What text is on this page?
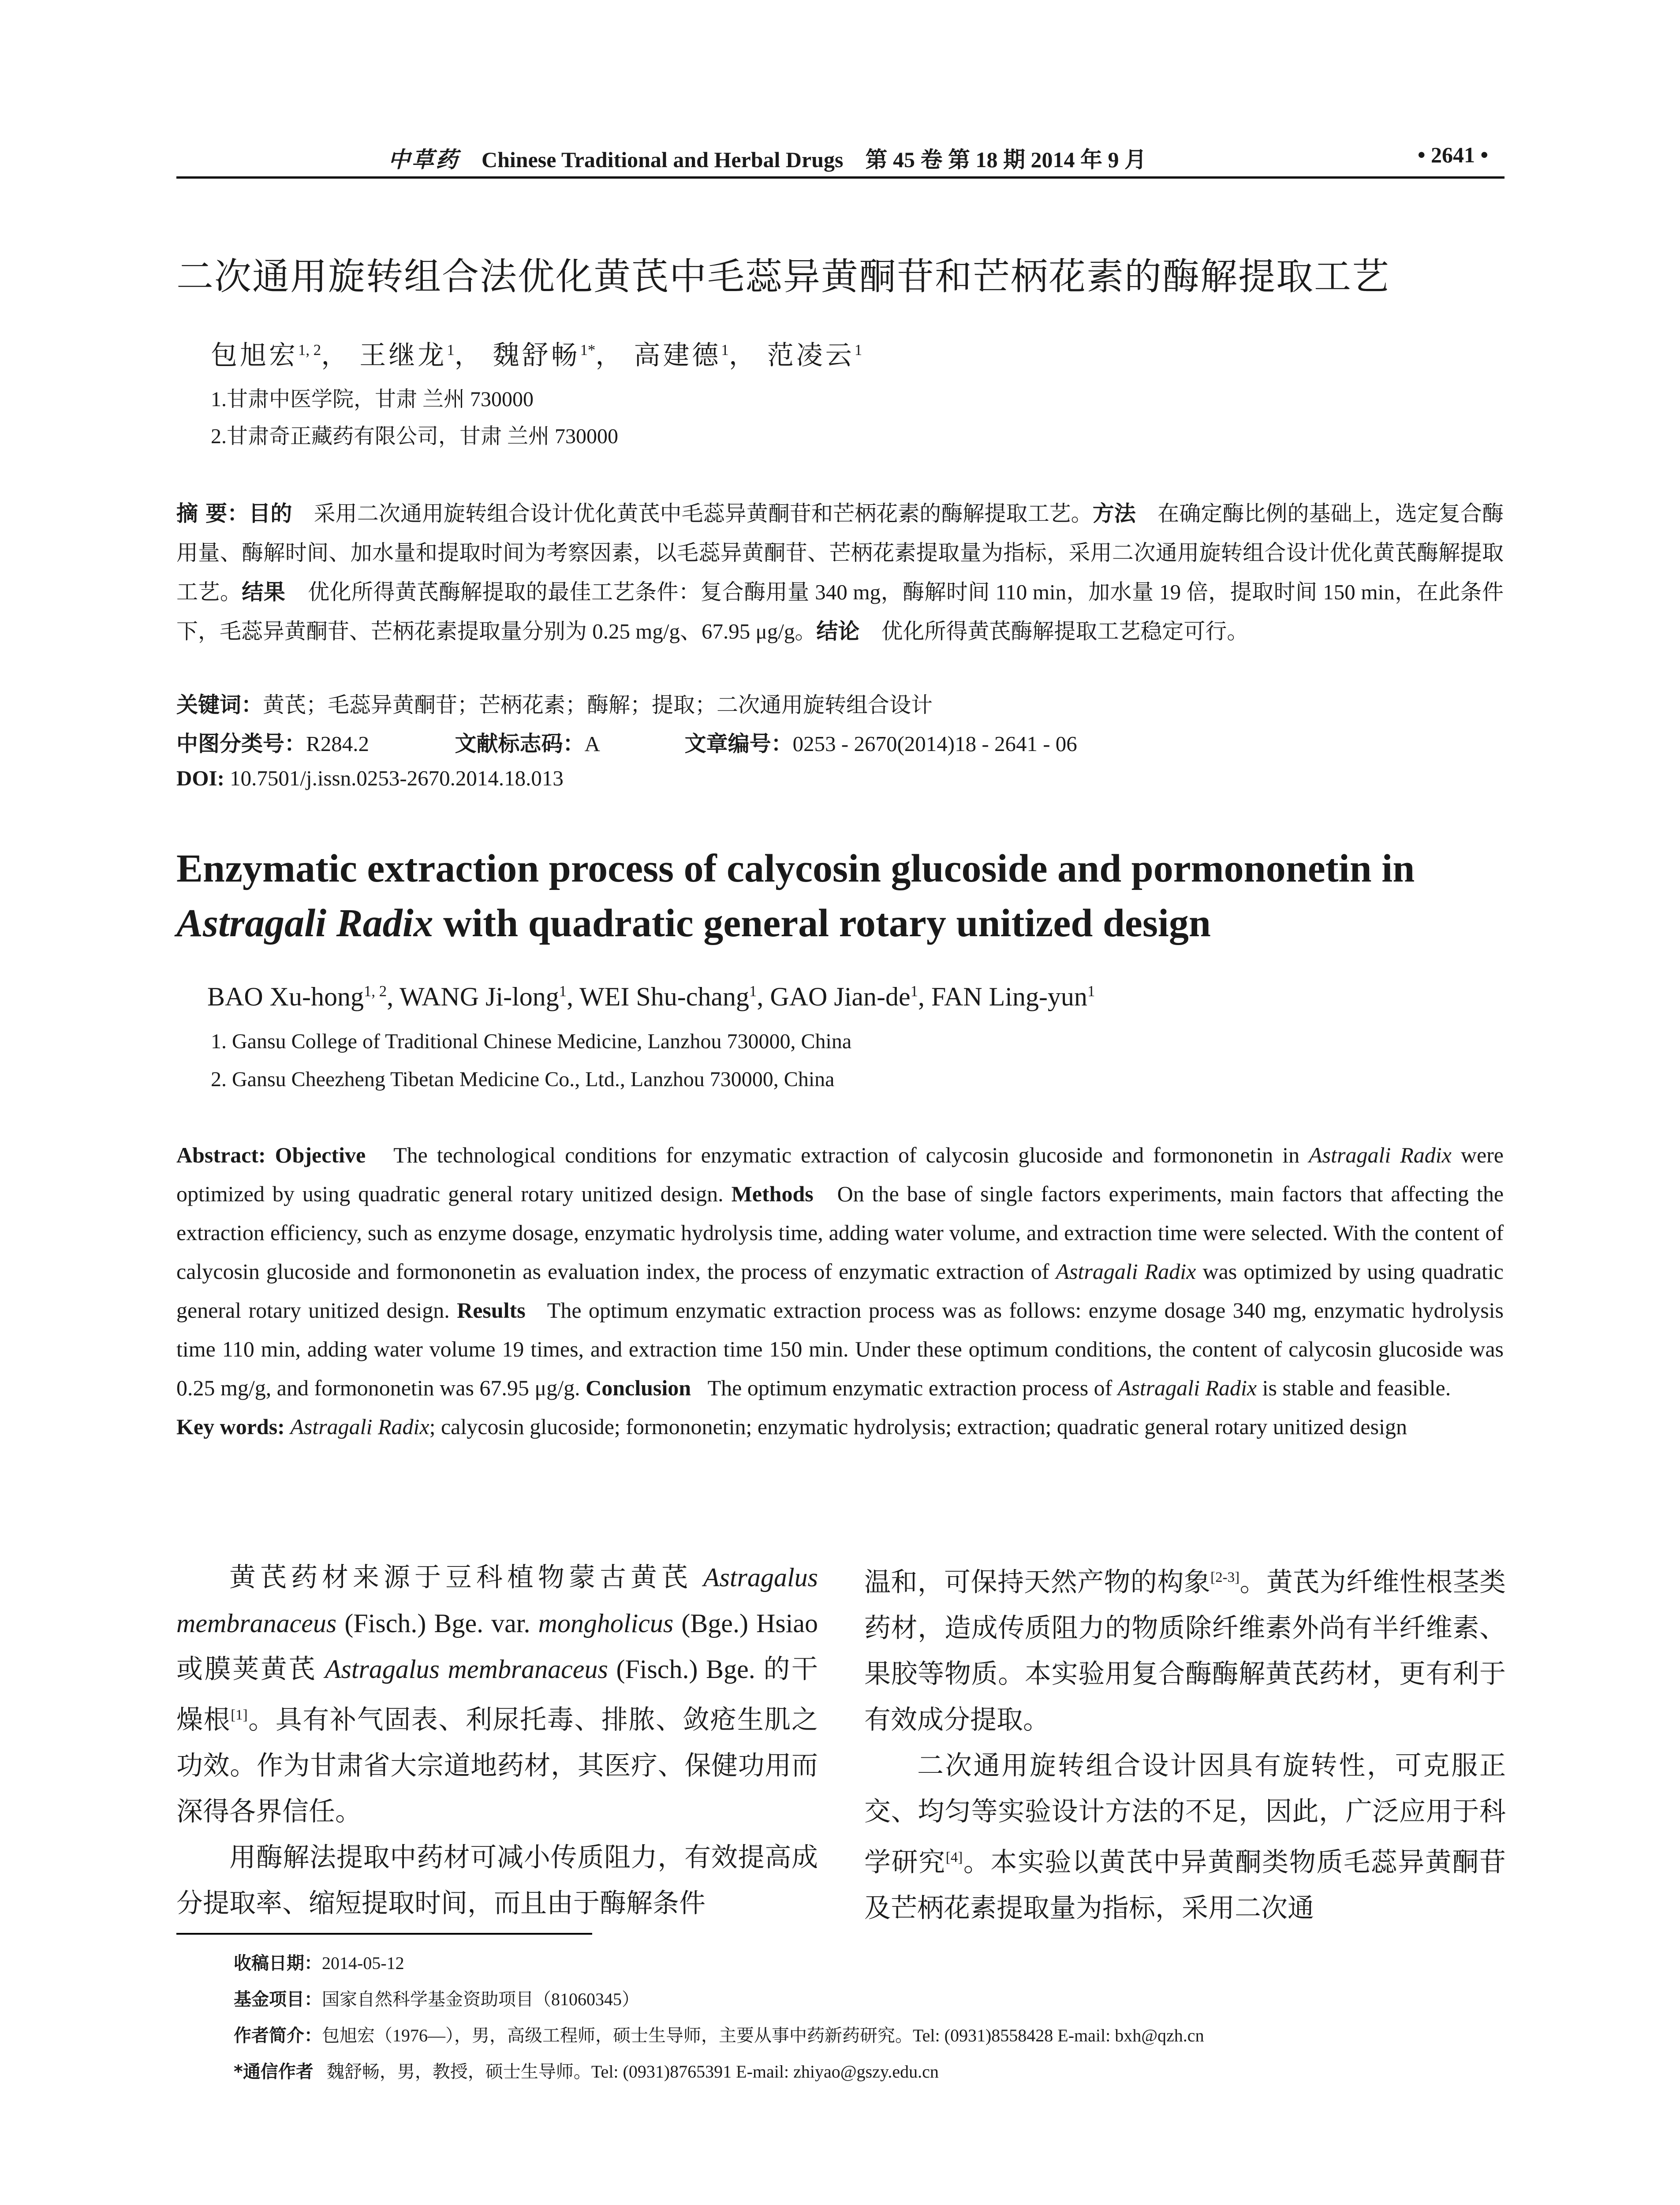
中草药 Chinese Traditional and Herbal Drugs 第 45 卷 第 18 期 2014 年 9 月	• 2641 •
二次通用旋转组合法优化黄芪中毛蕊异黄酮苷和芒柄花素的酶解提取工艺
包旭宏$^{1, 2}$， 王继龙$^1$， 魏舒畅$^{1*}$， 高建德$^1$， 范凌云$^1$
1.甘肃中医学院，甘肃 兰州 730000
2.甘肃奇正藏药有限公司，甘肃 兰州 730000
摘 要：目的 采用二次通用旋转组合设计优化黄芪中毛蕊异黄酮苷和芒柄花素的酶解提取工艺。方法 在确定酶比例的基础上，选定复合酶用量、酶解时间、加水量和提取时间为考察因素，以毛蕊异黄酮苷、芒柄花素提取量为指标，采用二次通用旋转组合设计优化黄芪酶解提取工艺。结果 优化所得黄芪酶解提取的最佳工艺条件：复合酶用量 340 mg，酶解时间 110 min，加水量 19 倍，提取时间 150 min，在此条件下，毛蕊异黄酮苷、芒柄花素提取量分别为 0.25 mg/g、67.95 μg/g。结论 优化所得黄芪酶解提取工艺稳定可行。
关键词：黄芪；毛蕊异黄酮苷；芒柄花素；酶解；提取；二次通用旋转组合设计
中图分类号：R284.2	文献标志码：A	文章编号：0253 - 2670(2014)18 - 2641 - 06
DOI: 10.7501/j.issn.0253-2670.2014.18.013
Enzymatic extraction process of calycosin glucoside and pormononetin in Astragali Radix with quadratic general rotary unitized design
BAO Xu-hong$^{1, 2}$, WANG Ji-long$^1$, WEI Shu-chang$^1$, GAO Jian-$de^1$, FAN Ling-yun$^1$
1. Gansu College of Traditional Chinese Medicine, Lanzhou 730000, China
2. Gansu Cheezheng Tibetan Medicine Co., Ltd., Lanzhou 730000, China
Abstract: Objective The technological conditions for enzymatic extraction of calycosin glucoside and formononetin in Astragali Radix were optimized by using quadratic general rotary unitized design. Methods On the base of single factors experiments, main factors that affecting the extraction efficiency, such as enzyme dosage, enzymatic hydrolysis time, adding water volume, and extraction time were selected. With the content of calycosin glucoside and formononetin as evaluation index, the process of enzymatic extraction of Astragali Radix was optimized by using quadratic general rotary unitized design. Results The optimum enzymatic extraction process was as follows: enzyme dosage 340 mg, enzymatic hydrolysis time 110 min, adding water volume 19 times, and extraction time 150 min. Under these optimum conditions, the content of calycosin glucoside was 0.25 mg/g, and formononetin was 67.95 μg/g. Conclusion The optimum enzymatic extraction process of Astragali Radix is stable and feasible.
Key words: Astragali Radix; calycosin glucoside; formononetin; enzymatic hydrolysis; extraction; quadratic general rotary unitized design

黄芪药材来源于豆科植物蒙古黄芪 Astragalus membranaceus (Fisch.) Bge. var. mongholicus (Bge.) Hsiao 或膜荚黄芪 Astragalus membranaceus (Fisch.) Bge. 的干燥根[1]。具有补气固表、利尿托毒、排脓、敛疮生肌之功效。作为甘肃省大宗道地药材，其医疗、保健功用而深得各界信任。

用酶解法提取中药材可减小传质阻力，有效提高成分提取率、缩短提取时间，而且由于酶解条件

温和，可保持天然产物的构象[2-3]。黄芪为纤维性根茎类药材，造成传质阻力的物质除纤维素外尚有半纤维素、果胶等物质。本实验用复合酶酶解黄芪药材，更有利于有效成分提取。

二次通用旋转组合设计因具有旋转性，可克服正交、均匀等实验设计方法的不足，因此，广泛应用于科学研究[4]。本实验以黄芪中异黄酮类物质毛蕊异黄酮苷及芒柄花素提取量为指标，采用二次通

收稿日期：2014-05-12
基金项目：国家自然科学基金资助项目（81060345）
作者简介：包旭宏（1976—），男，高级工程师，硕士生导师，主要从事中药新药研究。Tel: (0931)8558428 E-mail: bxh@qzh.cn
*通信作者 魏舒畅，男，教授，硕士生导师。Tel: (0931)8765391 E-mail: zhiyao@gszy.edu.cn
